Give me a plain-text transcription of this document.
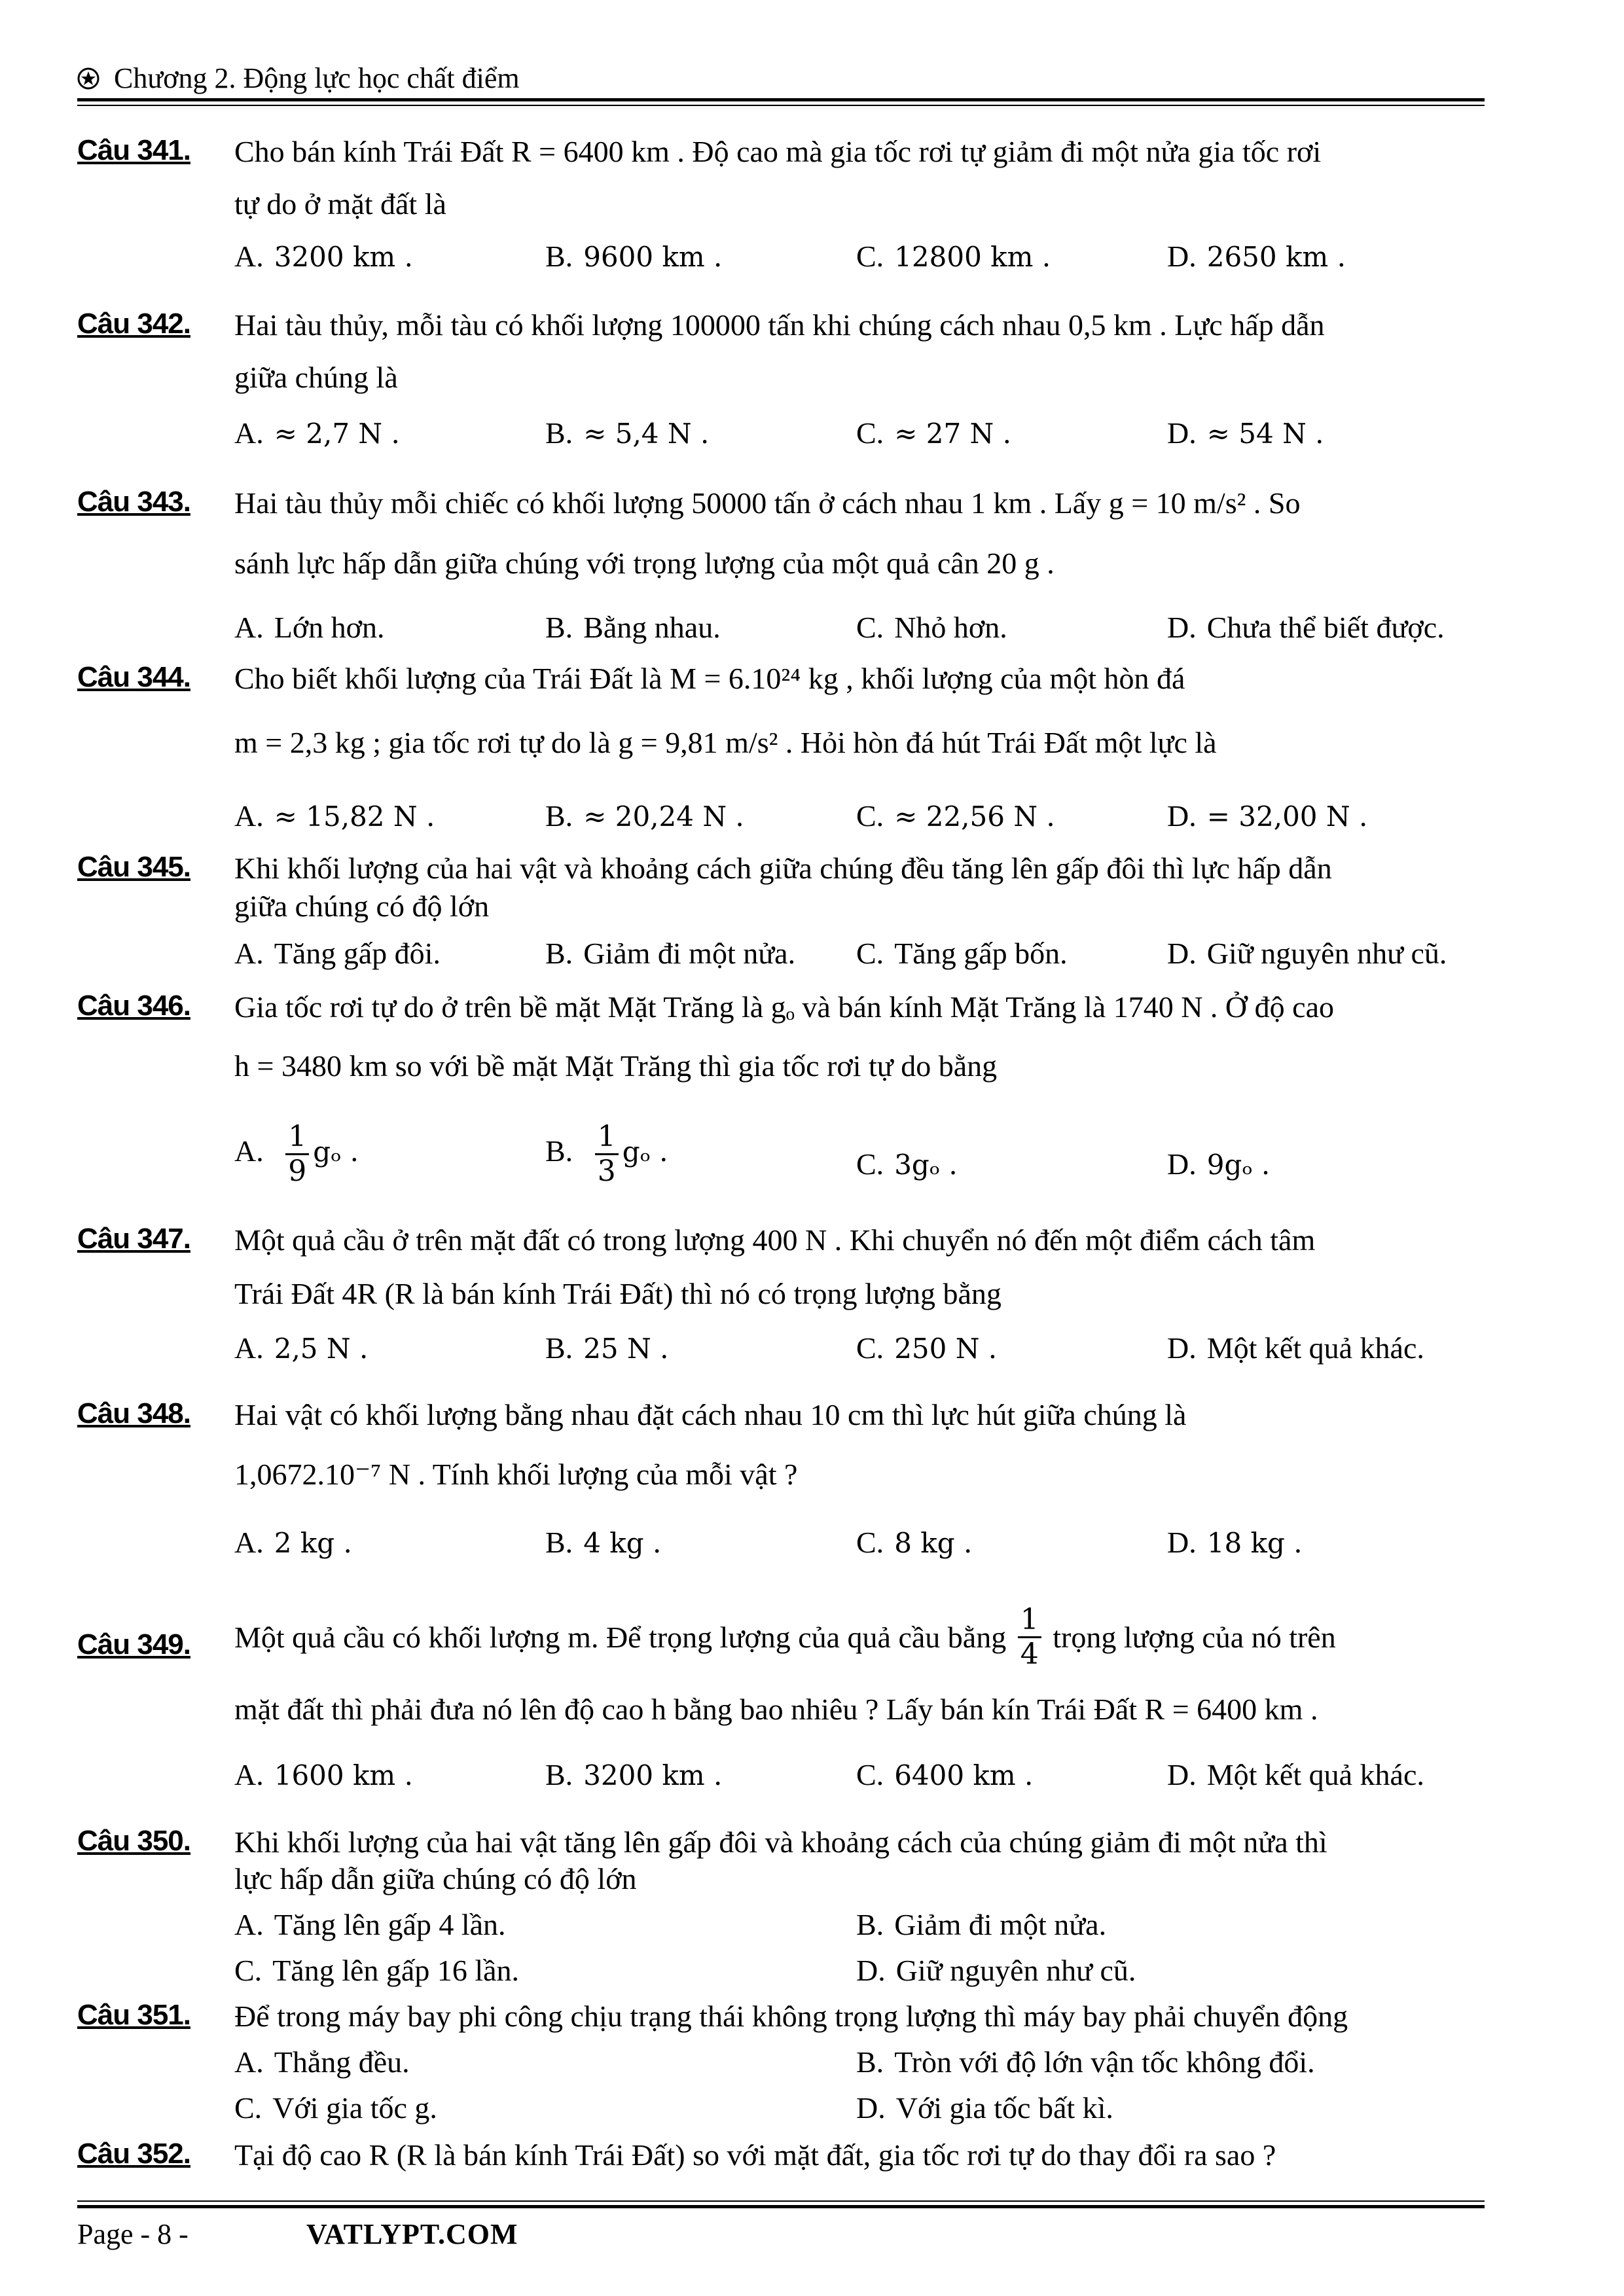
Chương 2. Động lực học chất điểm
Câu 341. Cho bán kính Trái Đất R = 6400 km . Độ cao mà gia tốc rơi tự giảm đi một nửa gia tốc rơi
tự do ở mặt đất là
A. 3200 km .	B. 9600 km .	C. 12800 km .	D. 2650 km .
Câu 342. Hai tàu thủy, mỗi tàu có khối lượng 100000 tấn khi chúng cách nhau 0,5 km . Lực hấp dẫn
giữa chúng là
A. ≈ 2,7 N .	B. ≈ 5,4 N .	C. ≈ 27 N .	D. ≈ 54 N .
Câu 343. Hai tàu thủy mỗi chiếc có khối lượng 50000 tấn ở cách nhau 1 km . Lấy g = 10 m/s² . So
sánh lực hấp dẫn giữa chúng với trọng lượng của một quả cân 20 g .
A. Lớn hơn.	B. Bằng nhau.	C. Nhỏ hơn.	D. Chưa thể biết được.
Câu 344. Cho biết khối lượng của Trái Đất là M = 6.10²⁴ kg , khối lượng của một hòn đá
m = 2,3 kg ; gia tốc rơi tự do là g = 9,81 m/s² . Hỏi hòn đá hút Trái Đất một lực là
A. ≈ 15,82 N .	B. ≈ 20,24 N .	C. ≈ 22,56 N .	D. = 32,00 N .
Câu 345. Khi khối lượng của hai vật và khoảng cách giữa chúng đều tăng lên gấp đôi thì lực hấp dẫn
giữa chúng có độ lớn
A. Tăng gấp đôi.	B. Giảm đi một nửa. C. Tăng gấp bốn.	D. Giữ nguyên như cũ.
Câu 346. Gia tốc rơi tự do ở trên bề mặt Mặt Trăng là gₒ và bán kính Mặt Trăng là 1740 N . Ở độ cao
h = 3480 km so với bề mặt Mặt Trăng thì gia tốc rơi tự do bằng
A. $\frac{1}{9}$ gₒ .	B. $\frac{1}{3}$ gₒ .	C. 3gₒ .	D. 9gₒ .
Câu 347. Một quả cầu ở trên mặt đất có trong lượng 400 N . Khi chuyển nó đến một điểm cách tâm
Trái Đất 4R (R là bán kính Trái Đất) thì nó có trọng lượng bằng
A. 2,5 N .	B. 25 N .	C. 250 N .	D. Một kết quả khác.
Câu 348. Hai vật có khối lượng bằng nhau đặt cách nhau 10 cm thì lực hút giữa chúng là
1,0672.10⁻⁷ N . Tính khối lượng của mỗi vật ?
A. 2 kg .	B. 4 kg .	C. 8 kg .	D. 18 kg .
Câu 349. Một quả cầu có khối lượng m. Để trọng lượng của quả cầu bằng $\frac{1}{4}$ trọng lượng của nó trên
mặt đất thì phải đưa nó lên độ cao h bằng bao nhiêu ? Lấy bán kín Trái Đất R = 6400 km .
A. 1600 km .	B. 3200 km .	C. 6400 km .	D. Một kết quả khác.
Câu 350. Khi khối lượng của hai vật tăng lên gấp đôi và khoảng cách của chúng giảm đi một nửa thì
lực hấp dẫn giữa chúng có độ lớn
A. Tăng lên gấp 4 lần.	B. Giảm đi một nửa.
C. Tăng lên gấp 16 lần.	D. Giữ nguyên như cũ.
Câu 351. Để trong máy bay phi công chịu trạng thái không trọng lượng thì máy bay phải chuyển động
A. Thẳng đều.	B. Tròn với độ lớn vận tốc không đổi.
C. Với gia tốc g.	D. Với gia tốc bất kì.
Câu 352. Tại độ cao R (R là bán kính Trái Đất) so với mặt đất, gia tốc rơi tự do thay đổi ra sao ?
Page - 8 -	VATLYPT.COM
